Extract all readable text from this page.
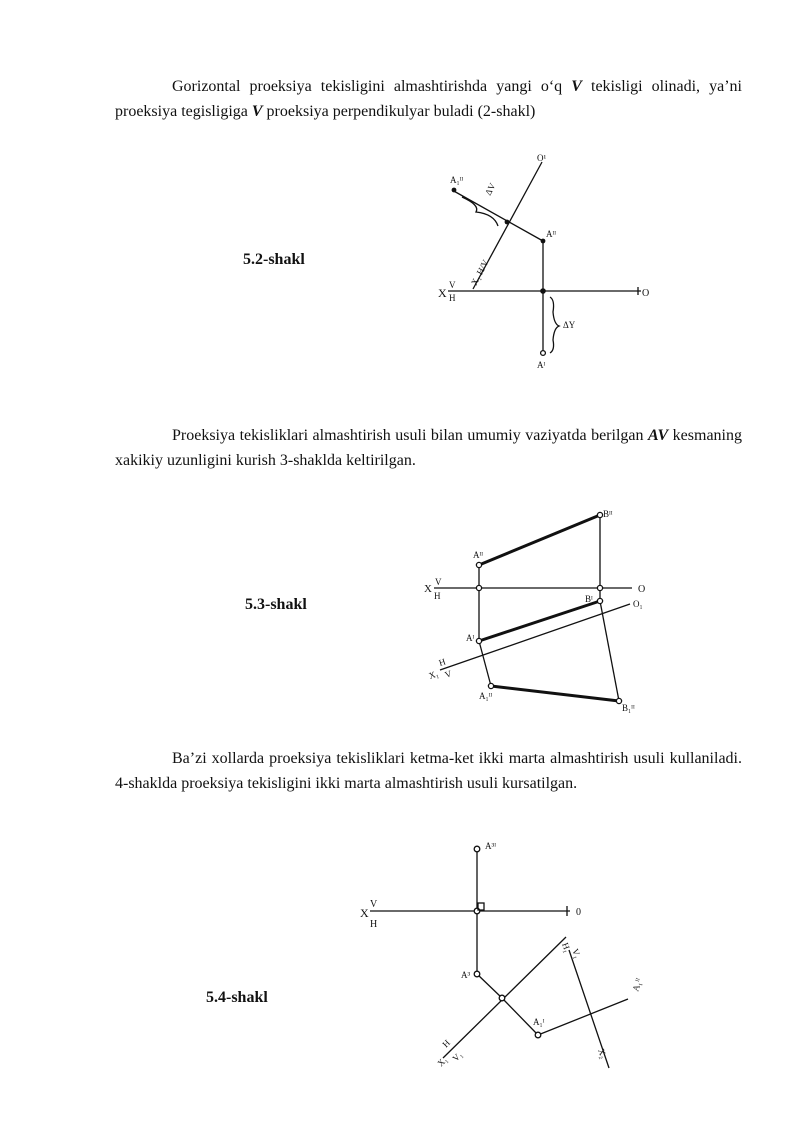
Gorizontal proeksiya tekisligini almashtirishda yangi o‘q V tekisligi olinadi, ya’ni proeksiya tegisligiga V proeksiya perpendikulyar buladi (2-shakl)

5.2-shakl

Proeksiya tekisliklari almashtirish usuli bilan umumiy vaziyatda berilgan AV kesmaning xakikiy uzunligini kurish 3-shaklda keltirilgan.

5.3-shakl

Ba’zi xollarda proeksiya tekisliklari ketma-ket ikki marta almashtirish usuli kullaniladi. 4-shaklda proeksiya tekisligini ikki marta almashtirish usuli kursatilgan.

5.4-shakl
X
V
H	O
O¹
A₁ᴵᴵ
ΔV
Aᴵᴵ
X₁ H/V
ΔY
Aᴵ
X
V
H
O
Bᴵᴵ
Aᴵᴵ
Bᴵ
Aᴵ
O₁
X₁
H
V
A₁ᴵᴵ
B₁ᴵᴵ
X
V
H
0
A³ᴵ
A³
A₁ᴵ
A₁ᴵᴵ
X₁
H
V₁
H₁
V₁
X₂
